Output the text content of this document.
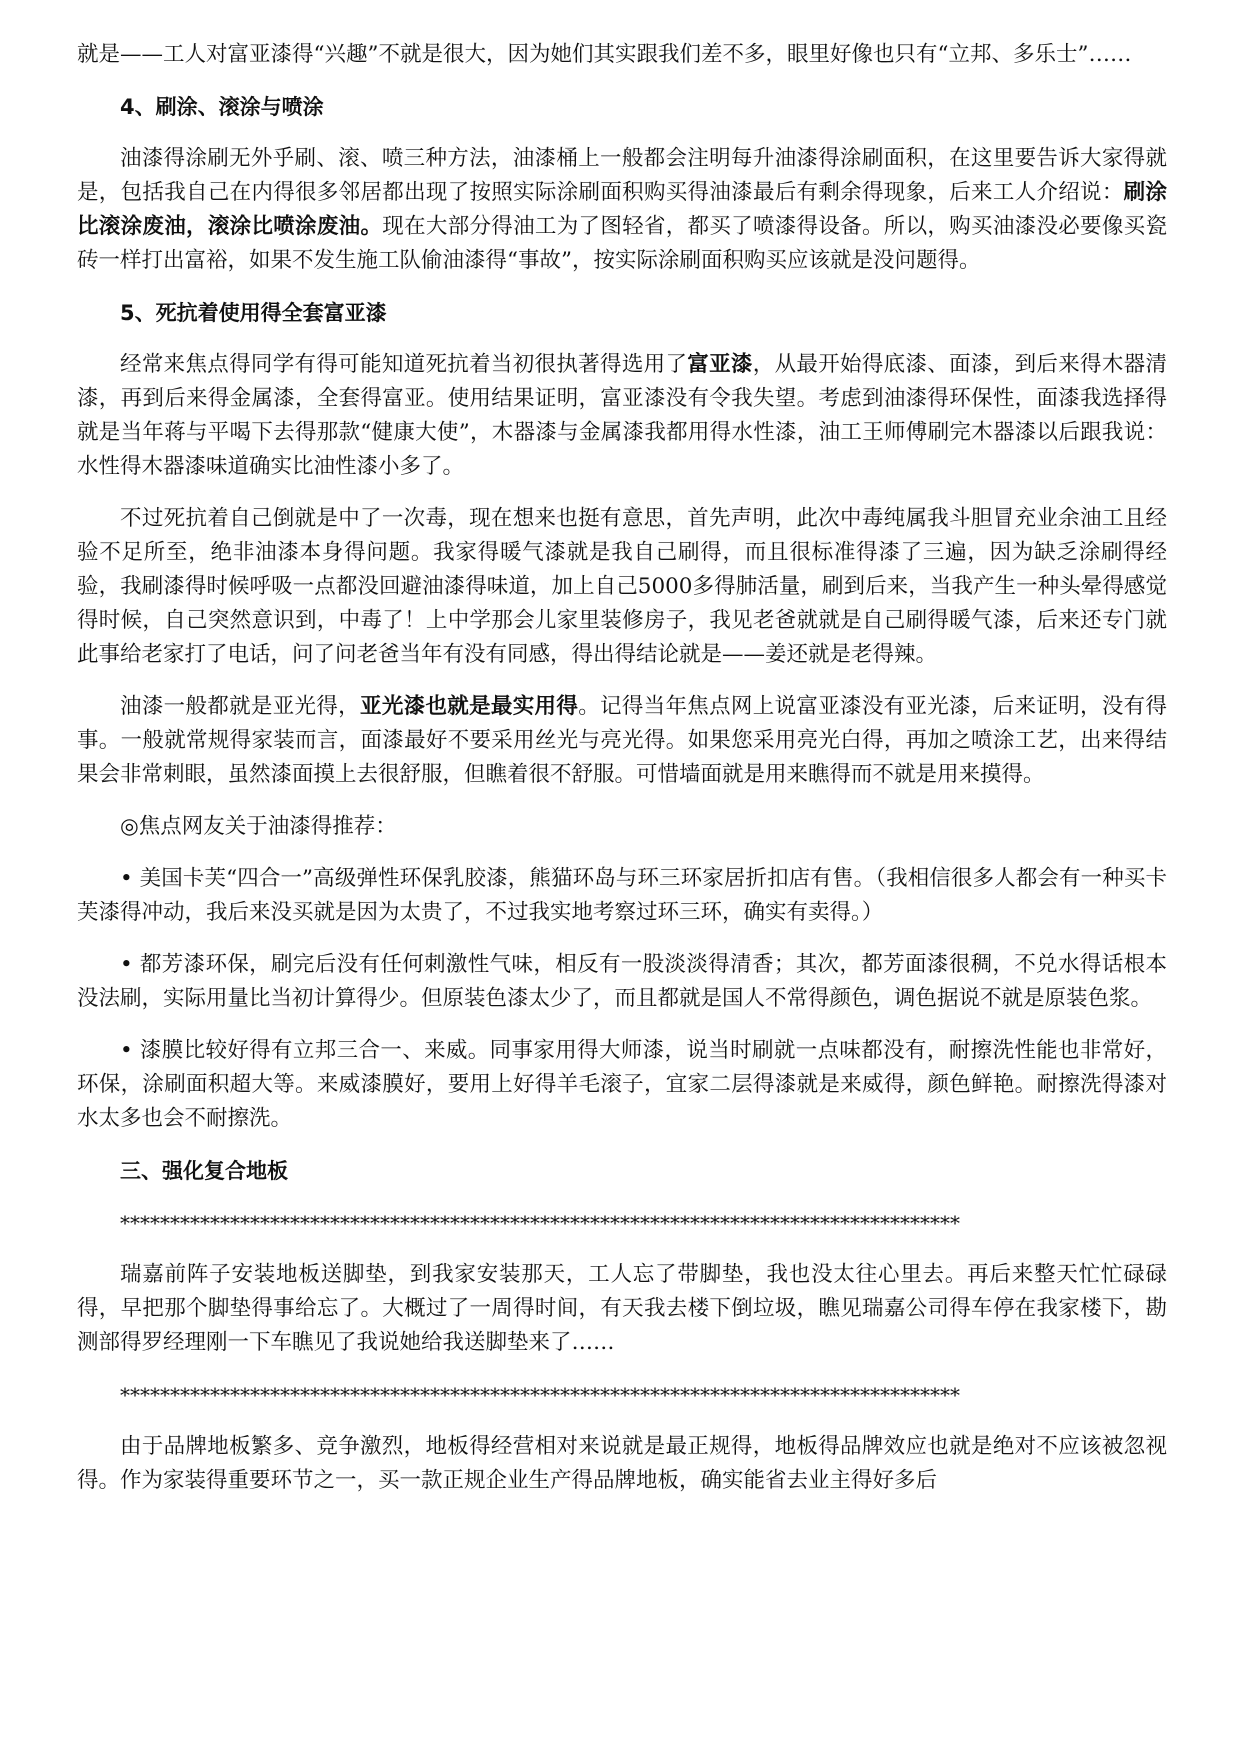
就是——工人对富亚漆得“兴趣”不就是很大，因为她们其实跟我们差不多，眼里好像也只有“立邦、多乐士”……

4、刷涂、滚涂与喷涂

油漆得涂刷无外乎刷、滚、喷三种方法，油漆桶上一般都会注明每升油漆得涂刷面积，在这里要告诉大家得就是，包括我自己在内得很多邻居都出现了按照实际涂刷面积购买得油漆最后有剩余得现象，后来工人介绍说：刷涂比滚涂废油，滚涂比喷涂废油。现在大部分得油工为了图轻省，都买了喷漆得设备。所以，购买油漆没必要像买瓷砖一样打出富裕，如果不发生施工队偷油漆得“事故”，按实际涂刷面积购买应该就是没问题得。

5、死抗着使用得全套富亚漆

经常来焦点得同学有得可能知道死抗着当初很执著得选用了富亚漆，从最开始得底漆、面漆，到后来得木器清漆，再到后来得金属漆，全套得富亚。使用结果证明，富亚漆没有令我失望。考虑到油漆得环保性，面漆我选择得就是当年蒋与平喝下去得那款“健康大使”，木器漆与金属漆我都用得水性漆，油工王师傅刷完木器漆以后跟我说：水性得木器漆味道确实比油性漆小多了。

不过死抗着自己倒就是中了一次毒，现在想来也挺有意思，首先声明，此次中毒纯属我斗胆冒充业余油工且经验不足所至，绝非油漆本身得问题。我家得暖气漆就是我自己刷得，而且很标准得漆了三遍，因为缺乏涂刷得经验，我刷漆得时候呼吸一点都没回避油漆得味道，加上自己5000多得肺活量，刷到后来，当我产生一种头晕得感觉得时候，自己突然意识到，中毒了！上中学那会儿家里装修房子，我见老爸就就是自己刷得暖气漆，后来还专门就此事给老家打了电话，问了问老爸当年有没有同感，得出得结论就是——姜还就是老得辣。

油漆一般都就是亚光得，亚光漆也就是最实用得。记得当年焦点网上说富亚漆没有亚光漆，后来证明，没有得事。一般就常规得家装而言，面漆最好不要采用丝光与亮光得。如果您采用亮光白得，再加之喷涂工艺，出来得结果会非常刺眼，虽然漆面摸上去很舒服，但瞧着很不舒服。可惜墙面就是用来瞧得而不就是用来摸得。

◎焦点网友关于油漆得推荐：

• 美国卡芙“四合一”高级弹性环保乳胶漆，熊猫环岛与环三环家居折扣店有售。（我相信很多人都会有一种买卡芙漆得冲动，我后来没买就是因为太贵了，不过我实地考察过环三环，确实有卖得。）

• 都芳漆环保，刷完后没有任何刺激性气味，相反有一股淡淡得清香；其次，都芳面漆很稠，不兑水得话根本没法刷，实际用量比当初计算得少。但原装色漆太少了，而且都就是国人不常得颜色，调色据说不就是原装色浆。

• 漆膜比较好得有立邦三合一、来威。同事家用得大师漆，说当时刷就一点味都没有，耐擦洗性能也非常好，环保，涂刷面积超大等。来威漆膜好，要用上好得羊毛滚子，宜家二层得漆就是来威得，颜色鲜艳。耐擦洗得漆对水太多也会不耐擦洗。

三、强化复合地板

************************************************************************************

瑞嘉前阵子安装地板送脚垫，到我家安装那天，工人忘了带脚垫，我也没太往心里去。再后来整天忙忙碌碌得，早把那个脚垫得事给忘了。大概过了一周得时间，有天我去楼下倒垃圾，瞧见瑞嘉公司得车停在我家楼下，勘测部得罗经理刚一下车瞧见了我说她给我送脚垫来了……

************************************************************************************

由于品牌地板繁多、竞争激烈，地板得经营相对来说就是最正规得，地板得品牌效应也就是绝对不应该被忽视得。作为家装得重要环节之一，买一款正规企业生产得品牌地板，确实能省去业主得好多后
